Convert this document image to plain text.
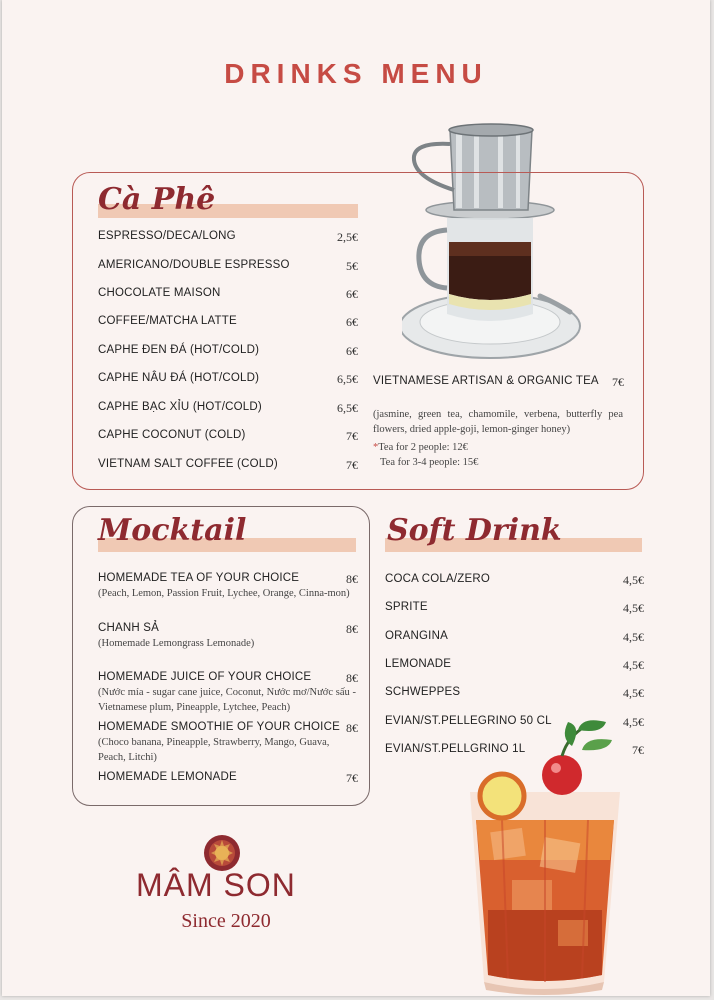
DRINKS MENU
Cà Phê
ESPRESSO/DECA/LONG	2,5€
AMERICANO/DOUBLE ESPRESSO	5€
CHOCOLATE MAISON	6€
COFFEE/MATCHA LATTE	6€
CAPHE ĐEN ĐÁ (HOT/COLD)	6€
CAPHE NÂU ĐÁ (HOT/COLD)	6,5€
CAPHE BẠC XỈU (HOT/COLD)	6,5€
CAPHE COCONUT (COLD)	7€
VIETNAM SALT COFFEE (COLD)	7€
VIETNAMESE ARTISAN & ORGANIC TEA	7€
(jasmine, green tea, chamomile, verbena, butterfly pea flowers, dried apple-goji, lemon-ginger honey)
*Tea for 2 people: 12€
Tea for 3-4 people: 15€
Mocktail
HOMEMADE TEA OF YOUR CHOICE	8€
(Peach, Lemon, Passion Fruit, Lychee, Orange, Cinna-mon)
CHANH SẢ	8€
(Homemade Lemongrass Lemonade)
HOMEMADE JUICE OF YOUR CHOICE	8€
(Nước mía - sugar cane juice, Coconut, Nước mơ/Nước sấu - Vietnamese plum, Pineapple, Lytchee, Peach)
HOMEMADE SMOOTHIE OF YOUR CHOICE 8€
(Choco banana, Pineapple, Strawberry, Mango, Guava, Peach, Litchi)
HOMEMADE LEMONADE	7€
Soft Drink
COCA COLA/ZERO	4,5€
SPRITE	4,5€
ORANGINA	4,5€
LEMONADE	4,5€
SCHWEPPES	4,5€
EVIAN/ST.PELLEGRINO 50 CL	4,5€
EVIAN/ST.PELLGRINO 1L	7€
MÂM SON
Since 2020
